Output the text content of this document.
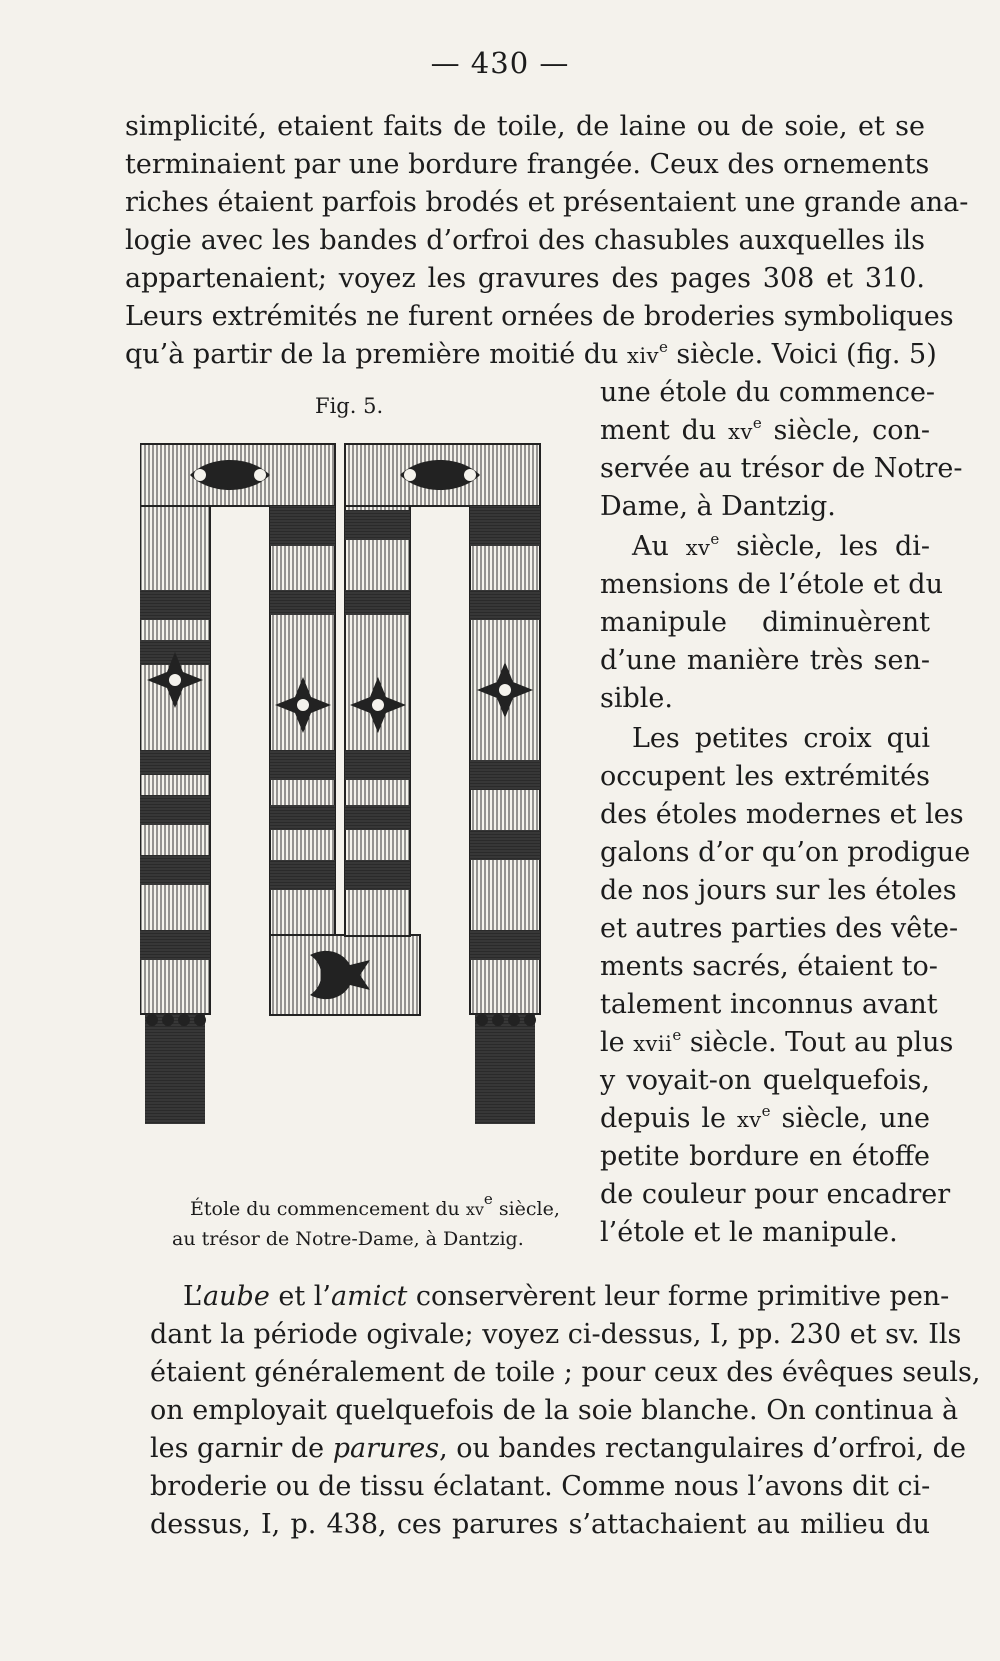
— 430 —
simplicité, etaient faits de toile, de laine ou de soie, et se
terminaient par une bordure frangée. Ceux des ornements
riches étaient parfois brodés et présentaient une grande ana-
logie avec les bandes d’orfroi des chasubles auxquelles ils
appartenaient; voyez les gravures des pages 308 et 310.
Leurs extrémités ne furent ornées de broderies symboliques
qu’à partir de la première moitié du xiv$^e$ siècle. Voici (fig. 5)
une étole du commence-
ment du $xv^e$ siècle, con-
servée au trésor de Notre-
Dame, à Dantzig.
Au $xv^e$ siècle, les di-
mensions de l’étole et du
manipule diminuèrent
d’une manière très sen-
sible.
Les petites croix qui
occupent les extrémités
des étoles modernes et les
galons d’or qu’on prodigue
de nos jours sur les étoles
et autres parties des vête-
ments sacrés, étaient to-
talement inconnus avant
le xvii$^e$ siècle. Tout au plus
y voyait-on quelquefois,
depuis le $xv^e$ siècle, une
petite bordure en étoffe
de couleur pour encadrer
l’étole et le manipule.
Fig. 5.
Étole du commencement du $xv^e$ siècle,
au trésor de Notre-Dame, à Dantzig.
L’aube et l’amict conservèrent leur forme primitive pen-
dant la période ogivale; voyez ci-dessus, I, pp. 230 et sv. Ils
étaient généralement de toile ; pour ceux des évêques seuls,
on employait quelquefois de la soie blanche. On continua à
les garnir de parures, ou bandes rectangulaires d’orfroi, de
broderie ou de tissu éclatant. Comme nous l’avons dit ci-
dessus, I, p. 438, ces parures s’attachaient au milieu du
